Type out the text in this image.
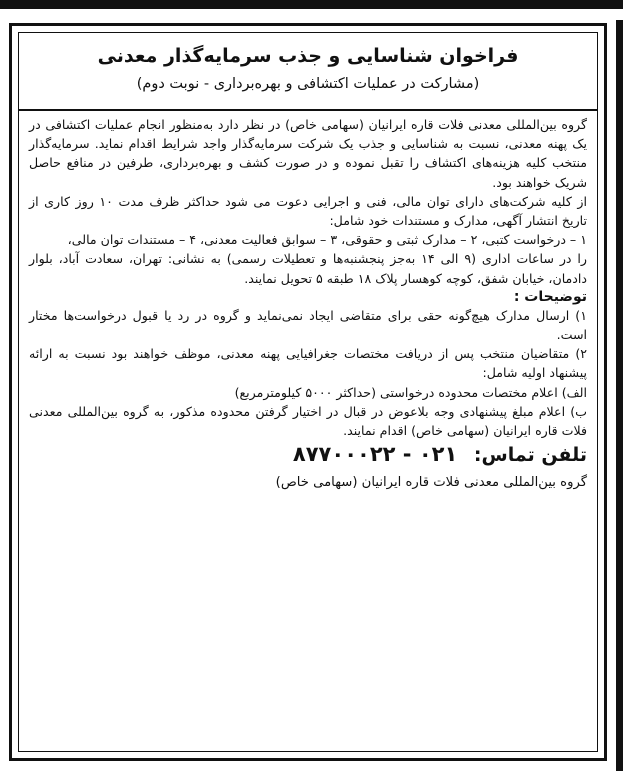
فراخوان شناسایی و جذب سرمایه‌گذار معدنی
(مشارکت در عملیات اکتشافی و بهره‌برداری - نوبت دوم)

گروه بین‌المللی معدنی فلات قاره ایرانیان (سهامی خاص) در نظر دارد به‌منظور انجام عملیات اکتشافی در یک پهنه معدنی، نسبت به شناسایی و جذب یک شرکت سرمایه‌گذار واجد شرایط اقدام نماید. سرمایه‌گذار منتخب کلیه هزینه‌های اکتشاف را تقبل نموده و در صورت کشف و بهره‌برداری، طرفین در منافع حاصل شریک خواهند بود.

از کلیه شرکت‌های دارای توان مالی، فنی و اجرایی دعوت می شود حداکثر ظرف مدت ۱۰ روز کاری از تاریخ انتشار آگهی، مدارک و مستندات خود شامل:

۱ – درخواست کتبی، ۲ – مدارک ثبتی و حقوقی، ۳ – سوابق فعالیت معدنی، ۴ – مستندات توان مالی،

را در ساعات اداری (۹ الی ۱۴ به‌جز پنجشنبه‌ها و تعطیلات رسمی) به نشانی: تهران، سعادت آباد، بلوار دادمان، خیابان شفق، کوچه کوهسار پلاک ۱۸ طبقه ۵ تحویل نمایند.

توضیحات :

۱) ارسال مدارک هیچ‌گونه حقی برای متقاضی ایجاد نمی‌نماید و گروه در رد یا قبول درخواست‌ها مختار است.

۲) متقاضیان منتخب پس از دریافت مختصات جغرافیایی پهنه معدنی، موظف خواهند بود نسبت به ارائه پیشنهاد اولیه شامل:

الف) اعلام مختصات محدوده درخواستی (حداکثر ۵۰۰۰ کیلومترمربع)

ب) اعلام مبلغ پیشنهادی وجه بلاعوض در قبال در اختیار گرفتن محدوده مذکور، به گروه بین‌المللی معدنی فلات قاره ایرانیان (سهامی خاص) اقدام نمایند.

تلفن تماس: ۰۲۱ - ۸۷۷۰۰۰۲۲
گروه بین‌المللی معدنی فلات قاره ایرانیان (سهامی خاص)
